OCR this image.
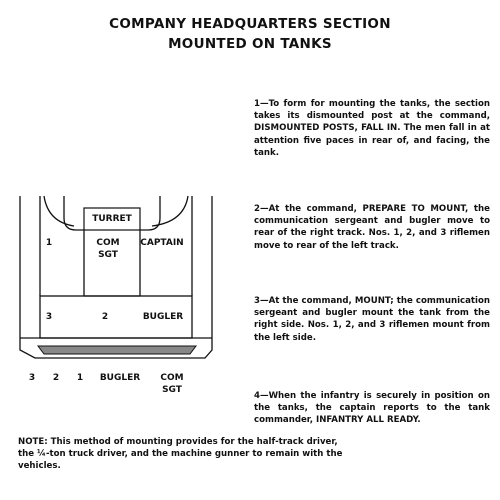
COMPANY HEADQUARTERS SECTION
MOUNTED ON TANKS
1—To form for mounting the tanks, the section takes its dismounted post at the command, DISMOUNTED POSTS, FALL IN. The men fall in at attention five paces in rear of, and facing, the tank.
2—At the command, PREPARE TO MOUNT, the communication sergeant and bugler move to rear of the right track. Nos. 1, 2, and 3 riflemen move to rear of the left track.
3—At the command, MOUNT; the communication sergeant and bugler mount the tank from the right side. Nos. 1, 2, and 3 riflemen mount from the left side.
4—When the infantry is securely in position on the tanks, the captain reports to the tank commander, INFANTRY ALL READY.
TURRET
COM
SGT
CAPTAIN
1
3	2	BUGLER
3	2	1	BUGLER	COM
SGT
NOTE: This method of mounting provides for the half-track driver, the ¼-ton truck driver, and the machine gunner to remain with the vehicles.
